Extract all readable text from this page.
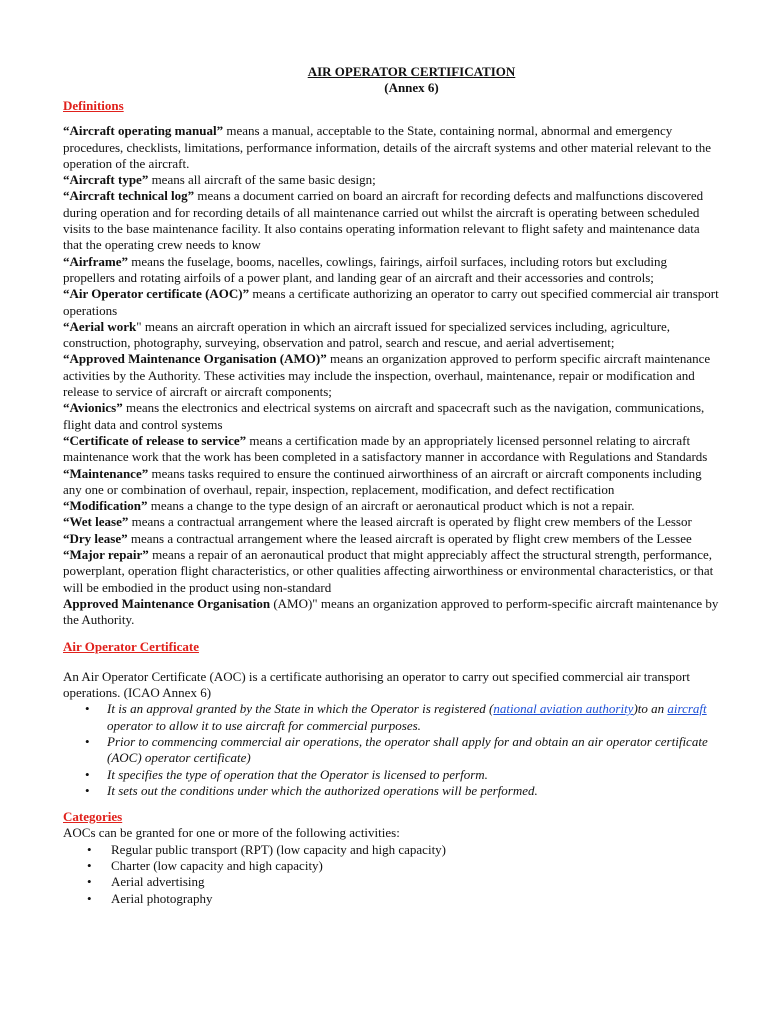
AIR OPERATOR CERTIFICATION
(Annex 6)
Definitions

“Aircraft operating manual” means a manual, acceptable to the State, containing normal, abnormal and emergency procedures, checklists, limitations, performance information, details of the aircraft systems and other material relevant to the operation of the aircraft.

“Aircraft type” means all aircraft of the same basic design;

“Aircraft technical log” means a document carried on board an aircraft for recording defects and malfunctions discovered during operation and for recording details of all maintenance carried out whilst the aircraft is operating between scheduled visits to the base maintenance facility. It also contains operating information relevant to flight safety and maintenance data that the operating crew needs to know

“Airframe” means the fuselage, booms, nacelles, cowlings, fairings, airfoil surfaces, including rotors but excluding propellers and rotating airfoils of a power plant, and landing gear of an aircraft and their accessories and controls;

“Air Operator certificate (AOC)” means a certificate authorizing an operator to carry out specified commercial air transport operations

“Aerial work" means an aircraft operation in which an aircraft issued for specialized services including, agriculture, construction, photography, surveying, observation and patrol, search and rescue, and aerial advertisement;

“Approved Maintenance Organisation (AMO)” means an organization approved to perform specific aircraft maintenance activities by the Authority. These activities may include the inspection, overhaul, maintenance, repair or modification and release to service of aircraft or aircraft components;

“Avionics” means the electronics and electrical systems on aircraft and spacecraft such as the navigation, communications, flight data and control systems

“Certificate of release to service” means a certification made by an appropriately licensed personnel relating to aircraft maintenance work that the work has been completed in a satisfactory manner in accordance with Regulations and Standards

“Maintenance” means tasks required to ensure the continued airworthiness of an aircraft or aircraft components including any one or combination of overhaul, repair, inspection, replacement, modification, and defect rectification

“Modification” means a change to the type design of an aircraft or aeronautical product which is not a repair.

“Wet lease” means a contractual arrangement where the leased aircraft is operated by flight crew members of the Lessor

“Dry lease” means a contractual arrangement where the leased aircraft is operated by flight crew members of the Lessee

“Major repair” means a repair of an aeronautical product that might appreciably affect the structural strength, performance, powerplant, operation flight characteristics, or other qualities affecting airworthiness or environmental characteristics, or that will be embodied in the product using non-standard

Approved Maintenance Organisation (AMO)" means an organization approved to perform-specific aircraft maintenance by the Authority.

Air Operator Certificate

An Air Operator Certificate (AOC) is a certificate authorising an operator to carry out specified commercial air transport operations. (ICAO Annex 6)

• It is an approval granted by the State in which the Operator is registered (national aviation authority)to an aircraft operator to allow it to use aircraft for commercial purposes.
• Prior to commencing commercial air operations, the operator shall apply for and obtain an air operator certificate (AOC) operator certificate)
• It specifies the type of operation that the Operator is licensed to perform.
• It sets out the conditions under which the authorized operations will be performed.
Categories

AOCs can be granted for one or more of the following activities:

• Regular public transport (RPT) (low capacity and high capacity)
• Charter (low capacity and high capacity)
• Aerial advertising
• Aerial photography
